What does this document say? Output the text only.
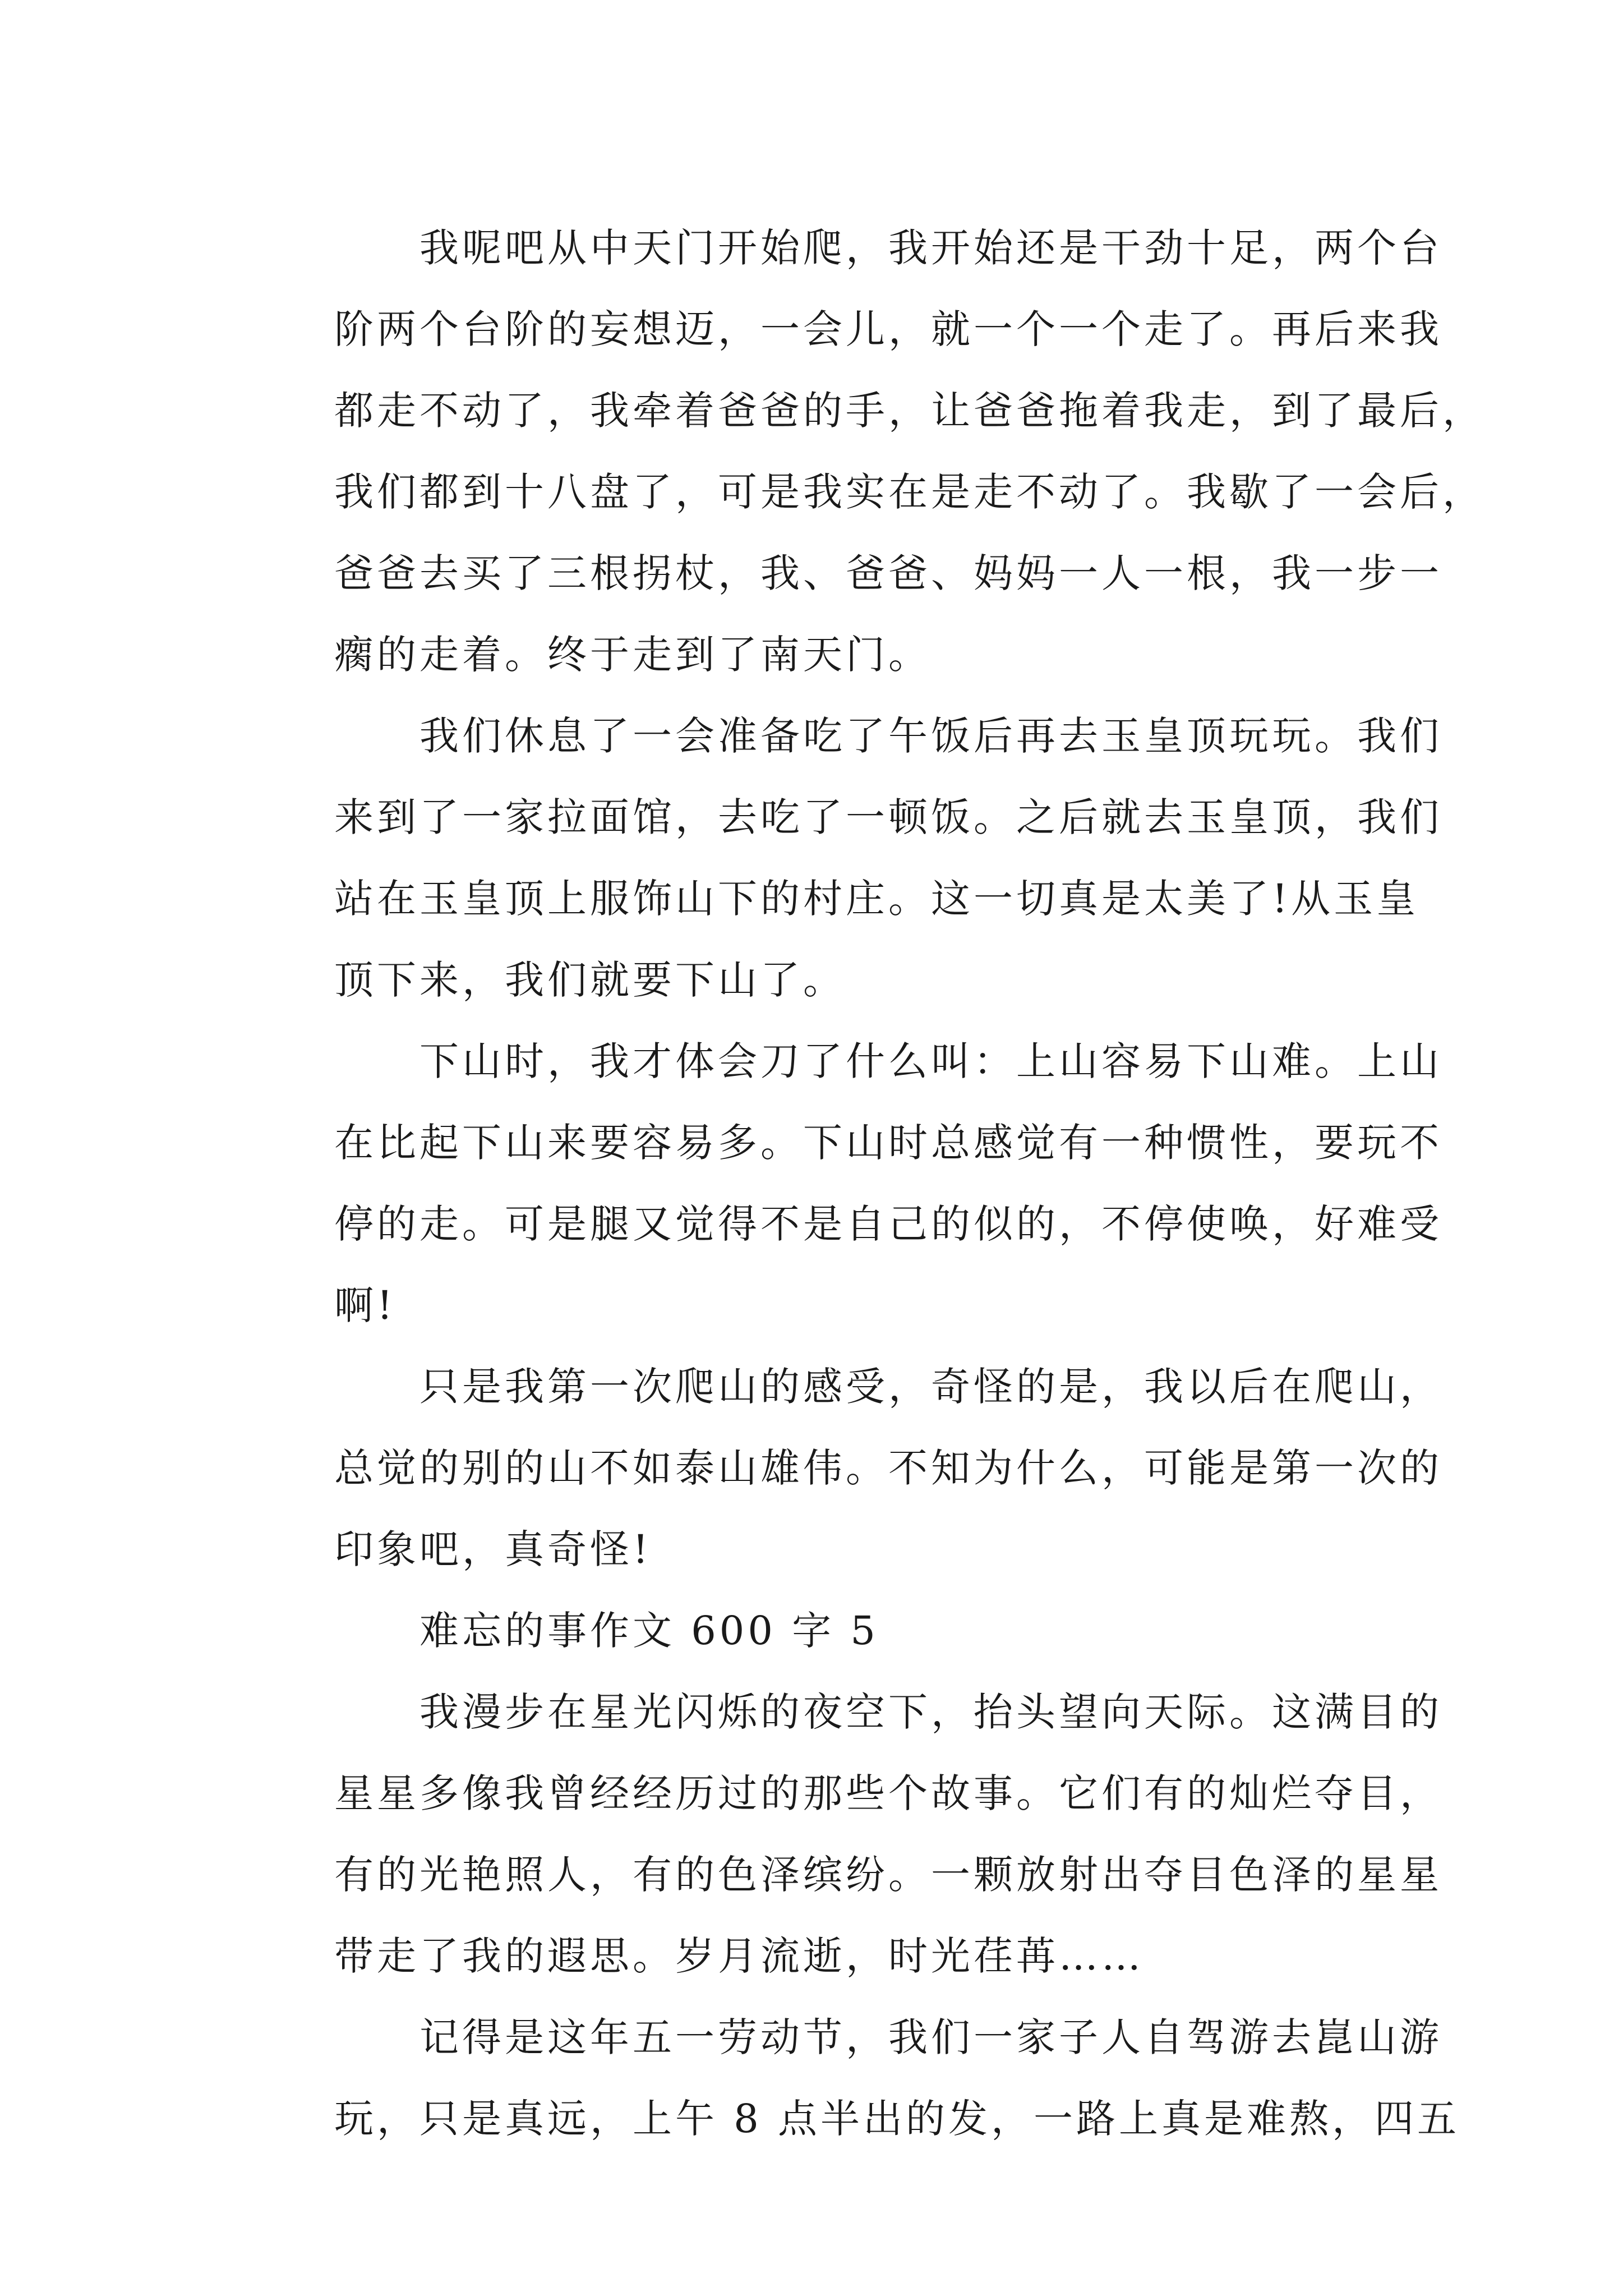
我呢吧从中天门开始爬，我开始还是干劲十足，两个台
阶两个台阶的妄想迈，一会儿，就一个一个走了。再后来我
都走不动了，我牵着爸爸的手，让爸爸拖着我走，到了最后，
我们都到十八盘了，可是我实在是走不动了。我歇了一会后，
爸爸去买了三根拐杖，我、爸爸、妈妈一人一根，我一步一
瘸的走着。终于走到了南天门。
我们休息了一会准备吃了午饭后再去玉皇顶玩玩。我们
来到了一家拉面馆，去吃了一顿饭。之后就去玉皇顶，我们
站在玉皇顶上服饰山下的村庄。这一切真是太美了!从玉皇
顶下来，我们就要下山了。
下山时，我才体会刀了什么叫：上山容易下山难。上山
在比起下山来要容易多。下山时总感觉有一种惯性，要玩不
停的走。可是腿又觉得不是自己的似的，不停使唤，好难受
啊!
只是我第一次爬山的感受，奇怪的是，我以后在爬山，
总觉的别的山不如泰山雄伟。不知为什么，可能是第一次的
印象吧，真奇怪!
难忘的事作文 600 字 5
我漫步在星光闪烁的夜空下，抬头望向天际。这满目的
星星多像我曾经经历过的那些个故事。它们有的灿烂夺目，
有的光艳照人，有的色泽缤纷。一颗放射出夺目色泽的星星
带走了我的遐思。岁月流逝，时光荏苒……
记得是这年五一劳动节，我们一家子人自驾游去崑山游
玩，只是真远，上午 8 点半出的发，一路上真是难熬，四五
